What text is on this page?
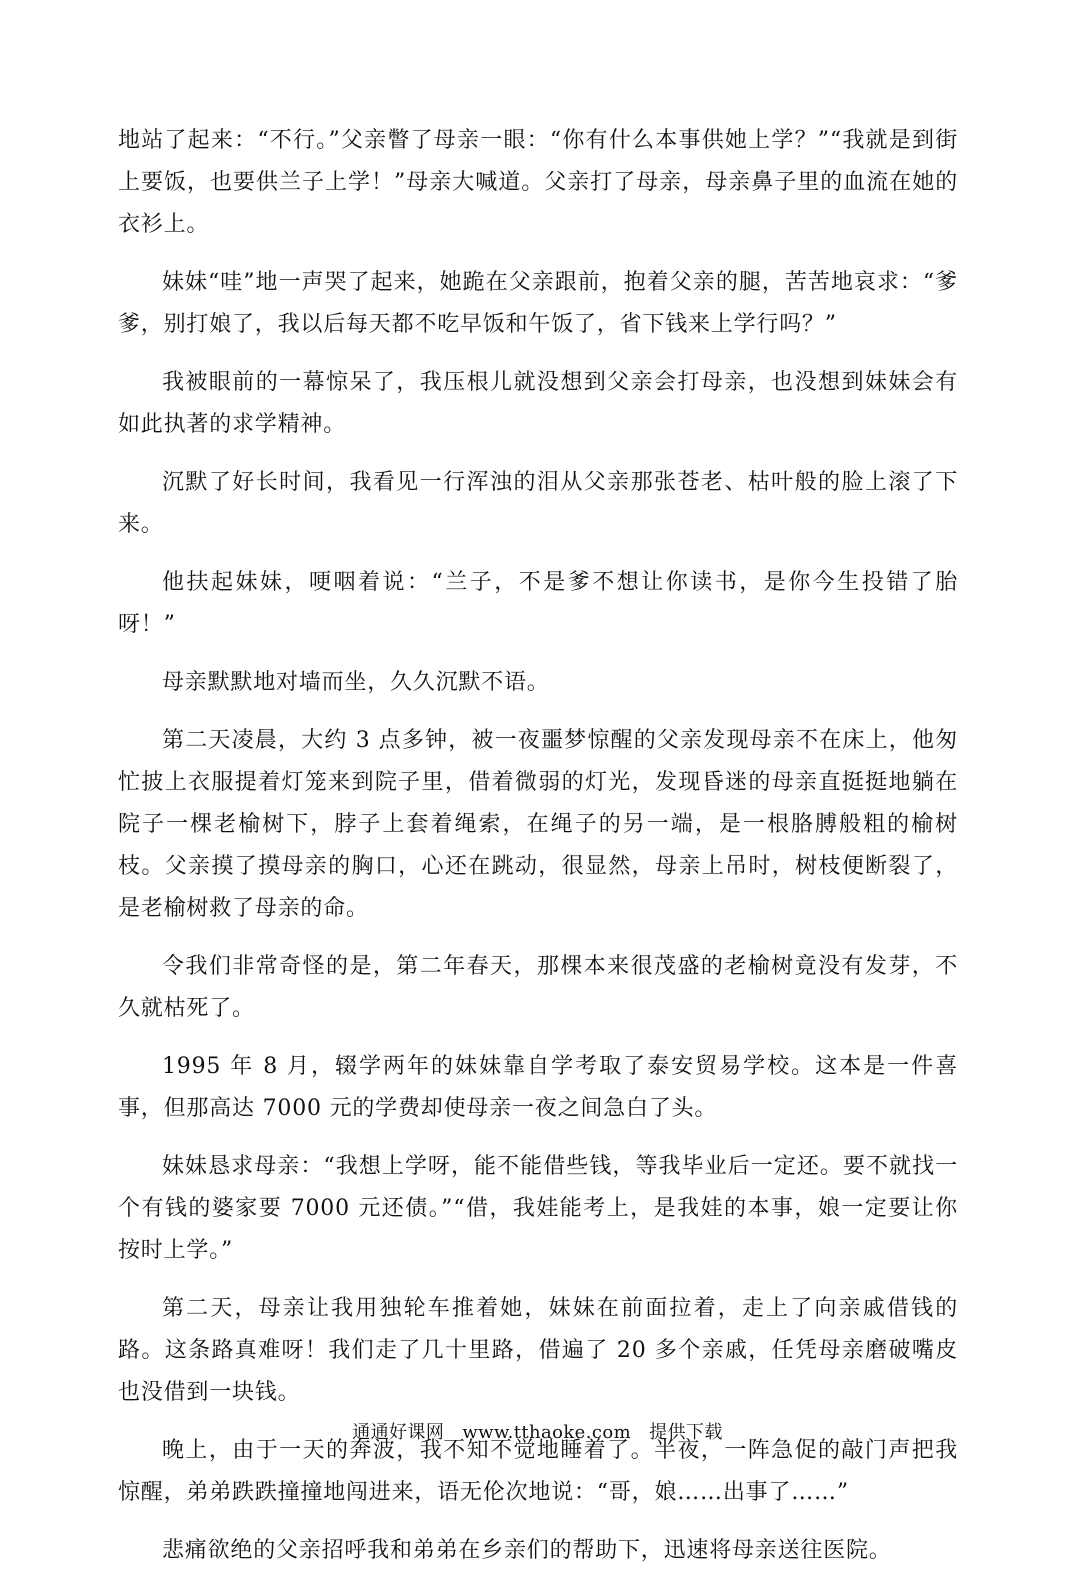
地站了起来：“不行。”父亲瞥了母亲一眼：“你有什么本事供她上学？”“我就是到街上要饭，也要供兰子上学！”母亲大喊道。父亲打了母亲，母亲鼻子里的血流在她的衣衫上。

妹妹“哇”地一声哭了起来，她跪在父亲跟前，抱着父亲的腿，苦苦地哀求：“爹爹，别打娘了，我以后每天都不吃早饭和午饭了，省下钱来上学行吗？”

我被眼前的一幕惊呆了，我压根儿就没想到父亲会打母亲，也没想到妹妹会有如此执著的求学精神。

沉默了好长时间，我看见一行浑浊的泪从父亲那张苍老、枯叶般的脸上滚了下来。

他扶起妹妹，哽咽着说：“兰子，不是爹不想让你读书，是你今生投错了胎呀！”

母亲默默地对墙而坐，久久沉默不语。

第二天凌晨，大约 3 点多钟，被一夜噩梦惊醒的父亲发现母亲不在床上，他匆忙披上衣服提着灯笼来到院子里，借着微弱的灯光，发现昏迷的母亲直挺挺地躺在院子一棵老榆树下，脖子上套着绳索，在绳子的另一端，是一根胳膊般粗的榆树枝。父亲摸了摸母亲的胸口，心还在跳动，很显然，母亲上吊时，树枝便断裂了，是老榆树救了母亲的命。

令我们非常奇怪的是，第二年春天，那棵本来很茂盛的老榆树竟没有发芽，不久就枯死了。

1995 年 8 月，辍学两年的妹妹靠自学考取了泰安贸易学校。这本是一件喜事，但那高达 7000 元的学费却使母亲一夜之间急白了头。

妹妹恳求母亲：“我想上学呀，能不能借些钱，等我毕业后一定还。要不就找一个有钱的婆家要 7000 元还债。”“借，我娃能考上，是我娃的本事，娘一定要让你按时上学。”

第二天，母亲让我用独轮车推着她，妹妹在前面拉着，走上了向亲戚借钱的路。这条路真难呀！我们走了几十里路，借遍了 20 多个亲戚，任凭母亲磨破嘴皮也没借到一块钱。

晚上，由于一天的奔波，我不知不觉地睡着了。半夜，一阵急促的敲门声把我惊醒，弟弟跌跌撞撞地闯进来，语无伦次地说：“哥，娘……出事了……”

悲痛欲绝的父亲招呼我和弟弟在乡亲们的帮助下，迅速将母亲送往医院。

通通好课网 www.tthaoke.com 提供下载
